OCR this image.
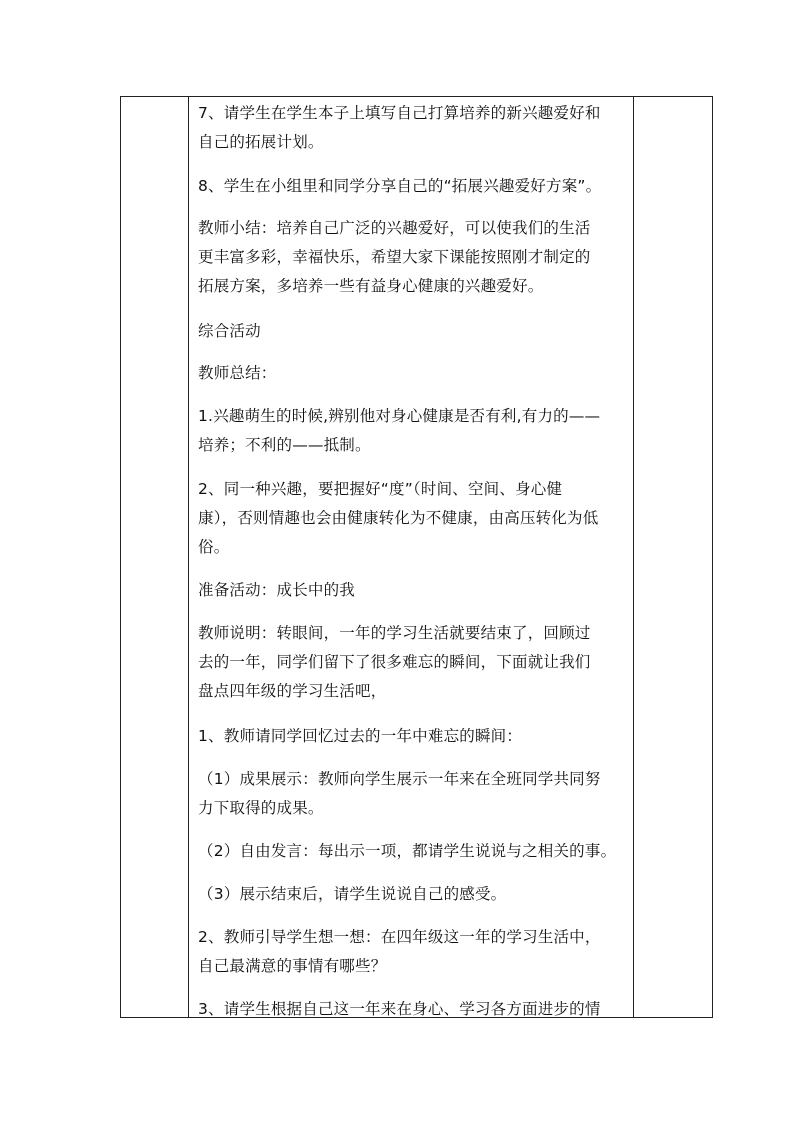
7、请学生在学生本子上填写自己打算培养的新兴趣爱好和
自己的拓展计划。

8、学生在小组里和同学分享自己的“拓展兴趣爱好方案”。

教师小结：培养自己广泛的兴趣爱好，可以使我们的生活
更丰富多彩，幸福快乐，希望大家下课能按照刚才制定的
拓展方案，多培养一些有益身心健康的兴趣爱好。

综合活动

教师总结：

1.兴趣萌生的时候,辨别他对身心健康是否有利,有力的——
培养；不利的——抵制。

2、同一种兴趣，要把握好“度”（时间、空间、身心健
康），否则情趣也会由健康转化为不健康，由高压转化为低
俗。

准备活动：成长中的我

教师说明：转眼间，一年的学习生活就要结束了，回顾过
去的一年，同学们留下了很多难忘的瞬间，下面就让我们
盘点四年级的学习生活吧，

1、教师请同学回忆过去的一年中难忘的瞬间：

（1）成果展示：教师向学生展示一年来在全班同学共同努
力下取得的成果。

（2）自由发言：每出示一项，都请学生说说与之相关的事。

（3）展示结束后，请学生说说自己的感受。

2、教师引导学生想一想：在四年级这一年的学习生活中，
自己最满意的事情有哪些？

3、请学生根据自己这一年来在身心、学习各方面进步的情
